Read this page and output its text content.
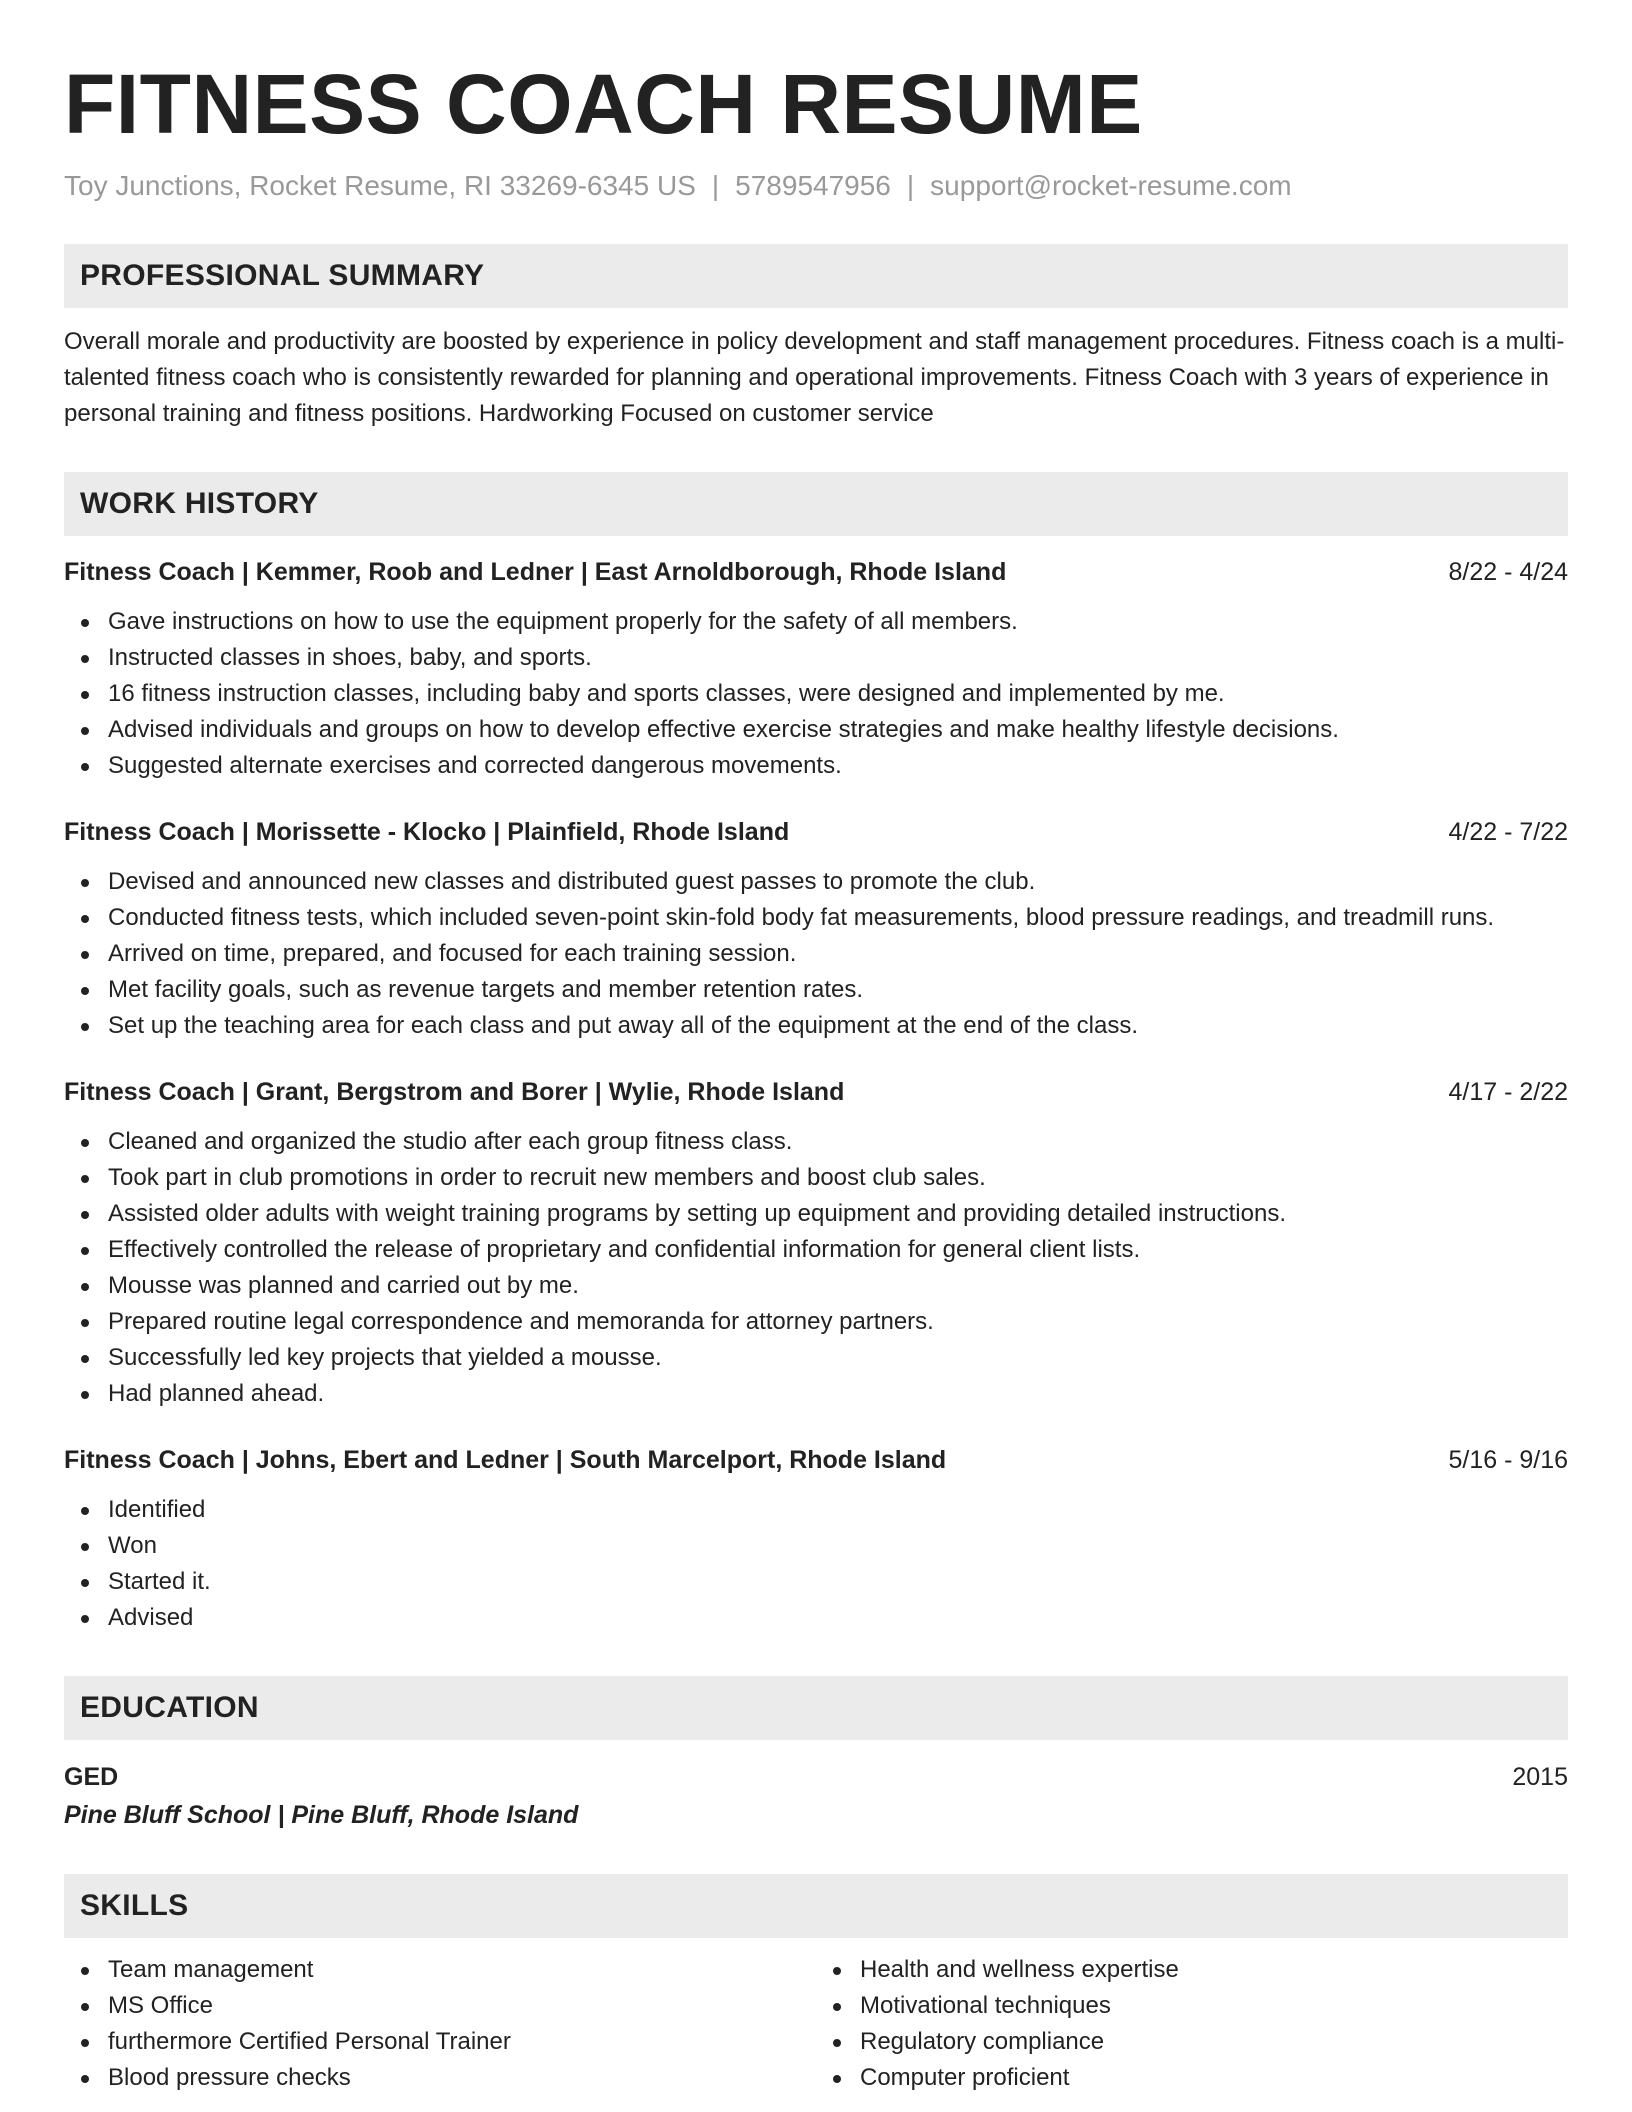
FITNESS COACH RESUME
Toy Junctions, Rocket Resume, RI 33269-6345 US | 5789547956 | support@rocket-resume.com
PROFESSIONAL SUMMARY
Overall morale and productivity are boosted by experience in policy development and staff management procedures. Fitness coach is a multi-talented fitness coach who is consistently rewarded for planning and operational improvements. Fitness Coach with 3 years of experience in personal training and fitness positions. Hardworking Focused on customer service
WORK HISTORY
Fitness Coach | Kemmer, Roob and Ledner | East Arnoldborough, Rhode Island	8/22 - 4/24
Gave instructions on how to use the equipment properly for the safety of all members.
Instructed classes in shoes, baby, and sports.
16 fitness instruction classes, including baby and sports classes, were designed and implemented by me.
Advised individuals and groups on how to develop effective exercise strategies and make healthy lifestyle decisions.
Suggested alternate exercises and corrected dangerous movements.
Fitness Coach | Morissette - Klocko | Plainfield, Rhode Island	4/22 - 7/22
Devised and announced new classes and distributed guest passes to promote the club.
Conducted fitness tests, which included seven-point skin-fold body fat measurements, blood pressure readings, and treadmill runs.
Arrived on time, prepared, and focused for each training session.
Met facility goals, such as revenue targets and member retention rates.
Set up the teaching area for each class and put away all of the equipment at the end of the class.
Fitness Coach | Grant, Bergstrom and Borer | Wylie, Rhode Island	4/17 - 2/22
Cleaned and organized the studio after each group fitness class.
Took part in club promotions in order to recruit new members and boost club sales.
Assisted older adults with weight training programs by setting up equipment and providing detailed instructions.
Effectively controlled the release of proprietary and confidential information for general client lists.
Mousse was planned and carried out by me.
Prepared routine legal correspondence and memoranda for attorney partners.
Successfully led key projects that yielded a mousse.
Had planned ahead.
Fitness Coach | Johns, Ebert and Ledner | South Marcelport, Rhode Island	5/16 - 9/16
Identified
Won
Started it.
Advised
EDUCATION
GED	2015
Pine Bluff School | Pine Bluff, Rhode Island
SKILLS
Team management
MS Office
furthermore Certified Personal Trainer
Blood pressure checks
Health and wellness expertise
Motivational techniques
Regulatory compliance
Computer proficient
